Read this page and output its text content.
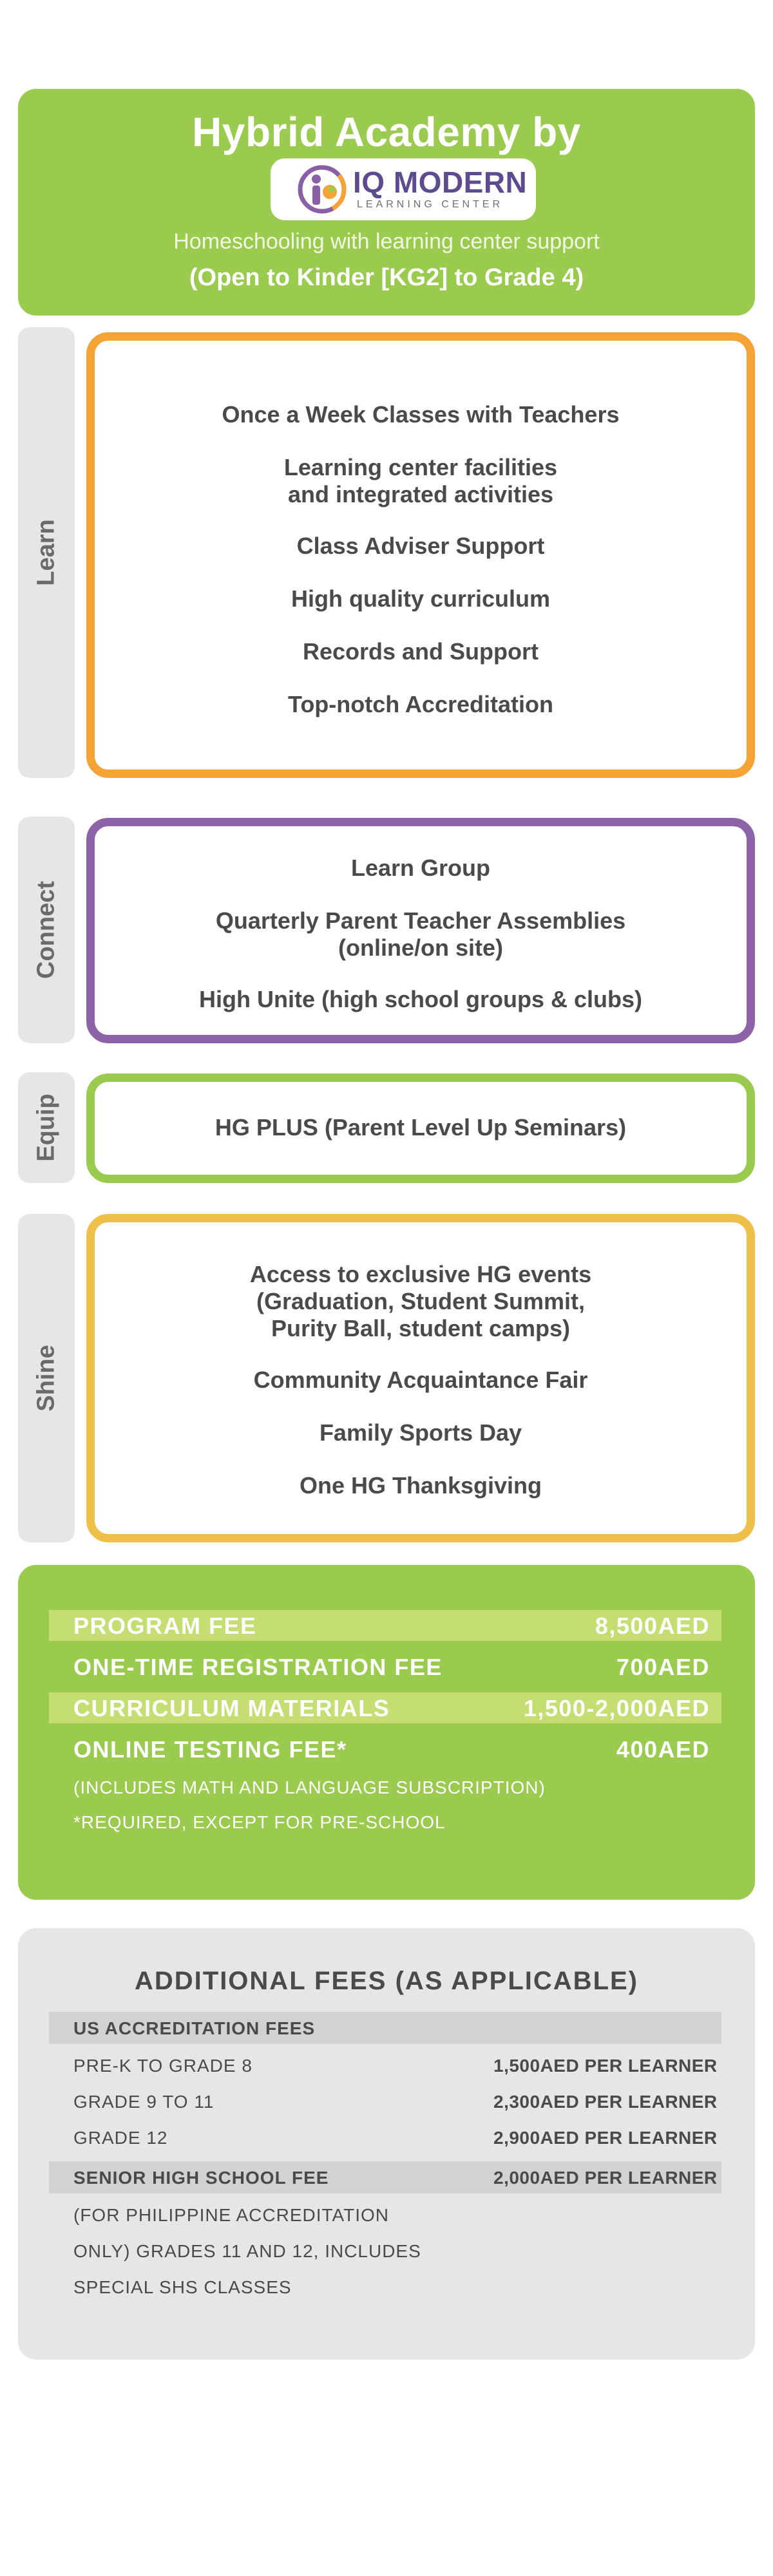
Hybrid Academy by
IQ MODERN
LEARNING CENTER
Homeschooling with learning center support
(Open to Kinder [KG2] to Grade 4)
Learn
Once a Week Classes with Teachers
Learning center facilities
and integrated activities
Class Adviser Support
High quality curriculum
Records and Support
Top-notch Accreditation
Connect
Learn Group
Quarterly Parent Teacher Assemblies
(online/on site)
High Unite (high school groups & clubs)
Equip	HG PLUS (Parent Level Up Seminars)
Shine
Access to exclusive HG events
(Graduation, Student Summit,
Purity Ball, student camps)
Community Acquaintance Fair
Family Sports Day
One HG Thanksgiving
PROGRAM FEE	8,500AED
ONE-TIME REGISTRATION FEE	700AED
CURRICULUM MATERIALS	1,500-2,000AED
ONLINE TESTING FEE*	400AED
(INCLUDES MATH AND LANGUAGE SUBSCRIPTION)
*REQUIRED, EXCEPT FOR PRE-SCHOOL
ADDITIONAL FEES (AS APPLICABLE)
US ACCREDITATION FEES
PRE-K TO GRADE 8	1,500AED PER LEARNER
GRADE 9 TO 11	2,300AED PER LEARNER
GRADE 12	2,900AED PER LEARNER
SENIOR HIGH SCHOOL FEE	2,000AED PER LEARNER
(FOR PHILIPPINE ACCREDITATION
ONLY) GRADES 11 AND 12, INCLUDES
SPECIAL SHS CLASSES
